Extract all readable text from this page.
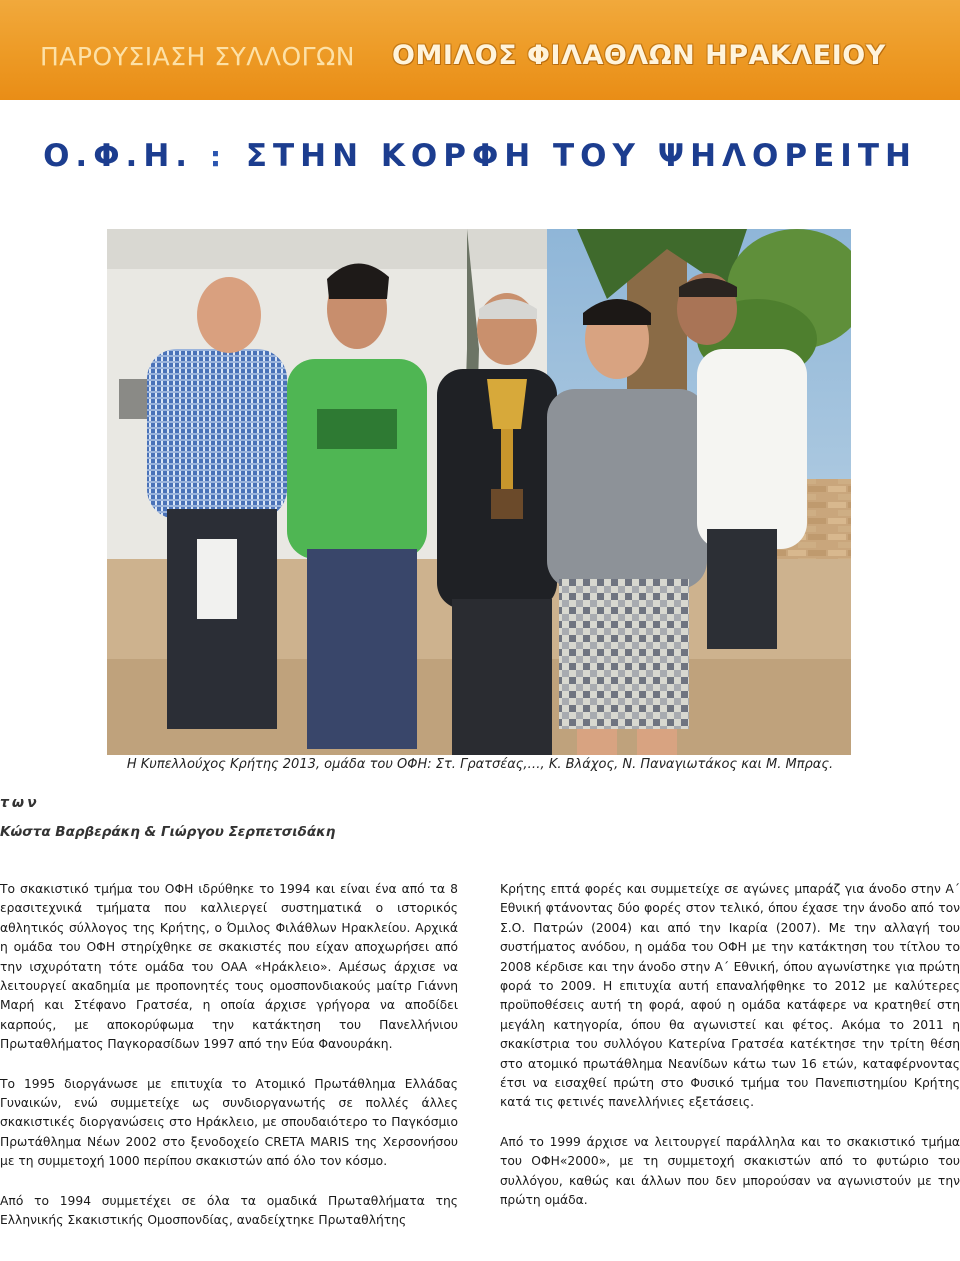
ΠΑΡΟΥΣΙΑΣΗ ΣΥΛΛΟΓΩΝ ΟΜΙΛΟΣ ΦΙΛΑΘΛΩΝ ΗΡΑΚΛΕΙΟΥ
Ο.Φ.Η. : ΣΤΗΝ ΚΟΡΦΗ ΤΟΥ ΨΗΛΟΡΕΙΤΗ
Η Κυπελλούχος Κρήτης 2013, ομάδα του ΟΦΗ: Στ. Γρατσέας,…, Κ. Βλάχος, Ν. Παναγιωτάκος και Μ. Μπρας.
των
Κώστα Βαρβεράκη & Γιώργου Σερπετσιδάκη

Το σκακιστικό τμήμα του ΟΦΗ ιδρύθηκε το 1994 και είναι ένα από τα 8 ερασιτεχνικά τμήματα που καλλιεργεί συστηματικά ο ιστορικός αθλητικός σύλλογος της Κρήτης, ο Όμιλος Φιλάθλων Ηρακλείου. Αρχικά η ομάδα του ΟΦΗ στηρίχθηκε σε σκακιστές που είχαν αποχωρήσει από την ισχυρότατη τότε ομάδα του ΟΑΑ «Ηράκλειο». Αμέσως άρχισε να λειτουργεί ακαδημία με προπονητές τους ομοσπονδιακούς μαίτρ Γιάννη Μαρή και Στέφανο Γρατσέα, η οποία άρχισε γρήγορα να αποδίδει καρπούς, με αποκορύφωμα την κατάκτηση του Πανελλήνιου Πρωταθλήματος Παγκορασίδων 1997 από την Εύα Φανουράκη.

Το 1995 διοργάνωσε με επιτυχία το Ατομικό Πρωτάθλημα Ελλάδας Γυναικών, ενώ συμμετείχε ως συνδιοργανωτής σε πολλές άλλες σκακιστικές διοργανώσεις στο Ηράκλειο, με σπουδαιότερο το Παγκόσμιο Πρωτάθλημα Νέων 2002 στο ξενοδοχείο CRETA MARIS της Χερσονήσου με τη συμμετοχή 1000 περίπου σκακιστών από όλο τον κόσμο.

Από το 1994 συμμετέχει σε όλα τα ομαδικά Πρωταθλήματα της Ελληνικής Σκακιστικής Ομοσπονδίας, αναδείχτηκε Πρωταθλήτης

Κρήτης επτά φορές και συμμετείχε σε αγώνες μπαράζ για άνοδο στην Α΄ Εθνική φτάνοντας δύο φορές στον τελικό, όπου έχασε την άνοδο από τον Σ.Ο. Πατρών (2004) και από την Ικαρία (2007). Με την αλλαγή του συστήματος ανόδου, η ομάδα του ΟΦΗ με την κατάκτηση του τίτλου το 2008 κέρδισε και την άνοδο στην Α΄ Εθνική, όπου αγωνίστηκε για πρώτη φορά το 2009. Η επιτυχία αυτή επαναλήφθηκε το 2012 με καλύτερες προϋποθέσεις αυτή τη φορά, αφού η ομάδα κατάφερε να κρατηθεί στη μεγάλη κατηγορία, όπου θα αγωνιστεί και φέτος. Ακόμα το 2011 η σκακίστρια του συλλόγου Κατερίνα Γρατσέα κατέκτησε την τρίτη θέση στο ατομικό πρωτάθλημα Νεανίδων κάτω των 16 ετών, καταφέρνοντας έτσι να εισαχθεί πρώτη στο Φυσικό τμήμα του Πανεπιστημίου Κρήτης κατά τις φετινές πανελλήνιες εξετάσεις.

Από το 1999 άρχισε να λειτουργεί παράλληλα και το σκακιστικό τμήμα του ΟΦΗ«2000», με τη συμμετοχή σκακιστών από το φυτώριο του συλλόγου, καθώς και άλλων που δεν μπορούσαν να αγωνιστούν με την πρώτη ομάδα.
